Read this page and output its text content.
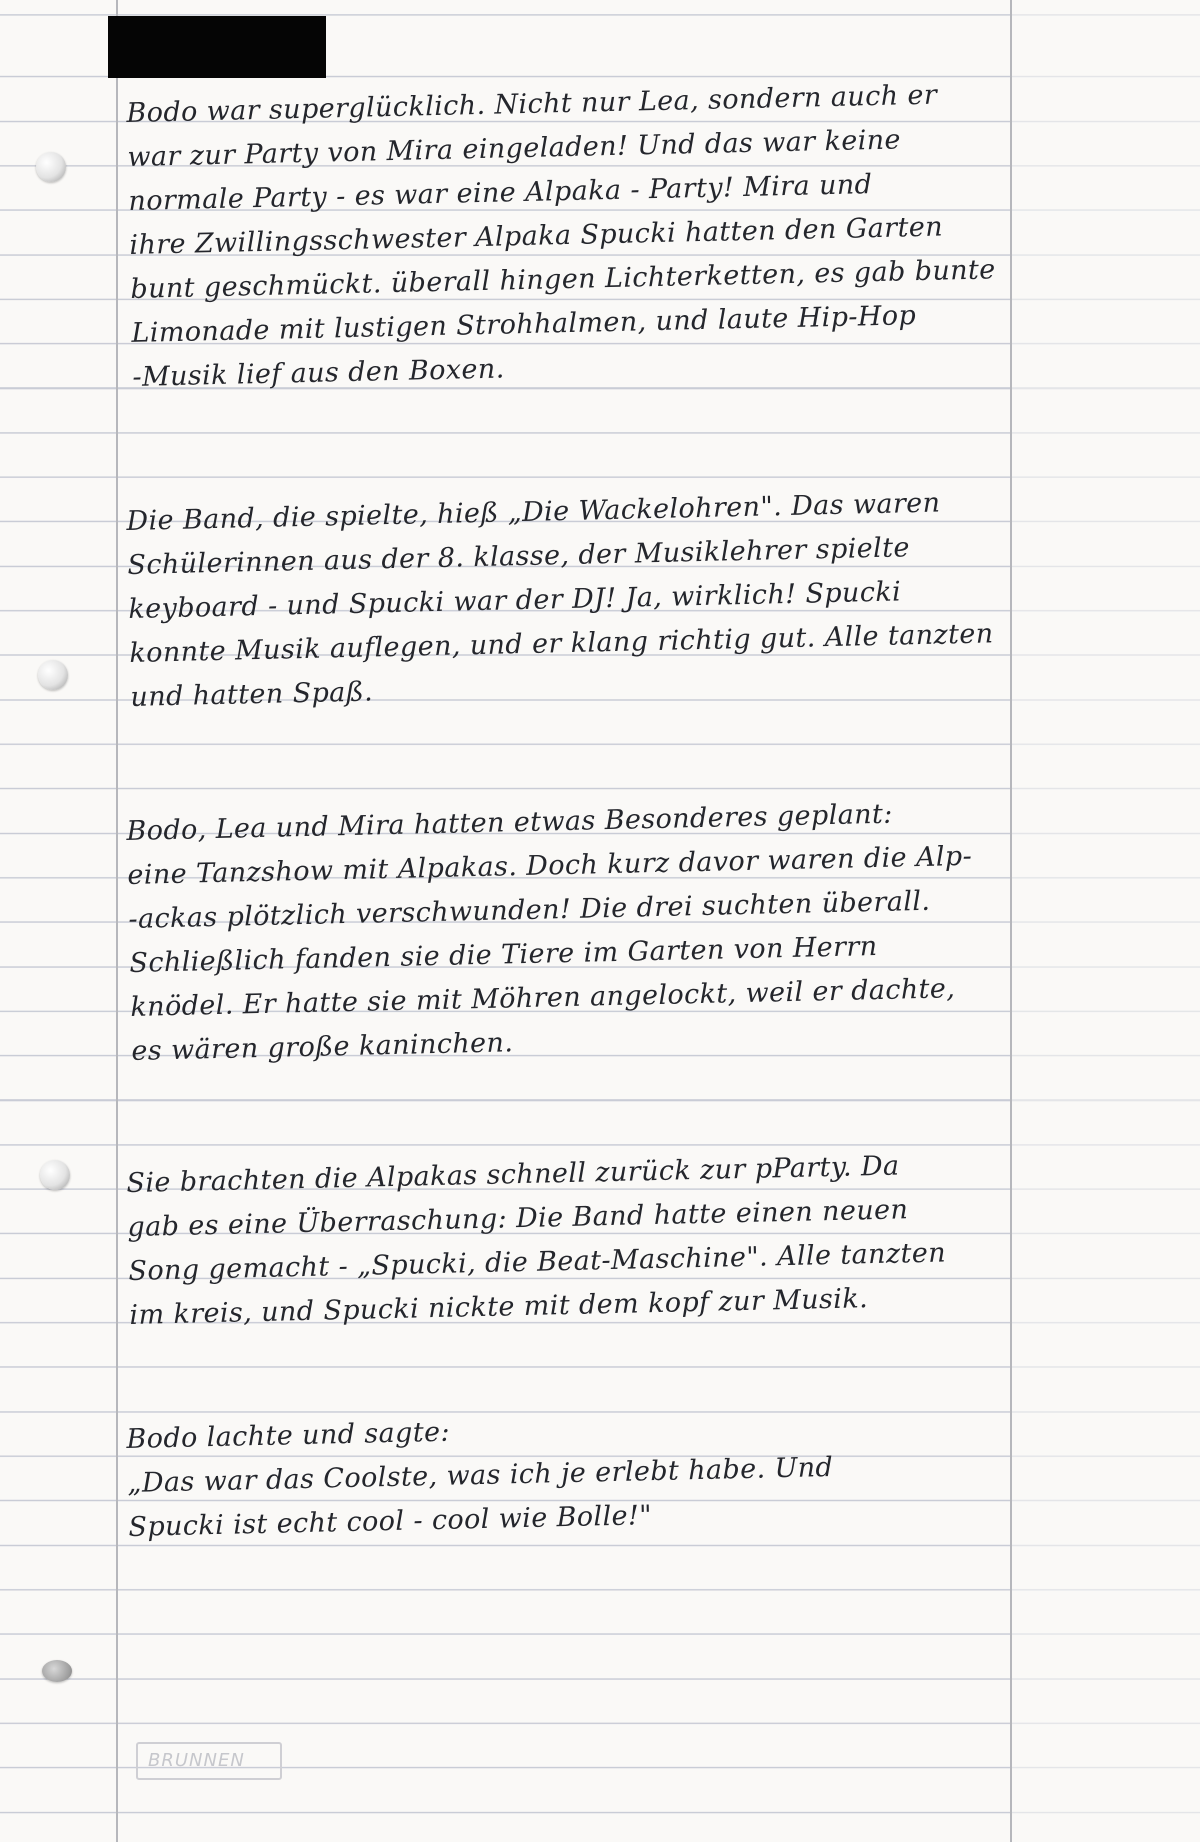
Bodo war superglücklich. Nicht nur Lea, sondern auch er
war zur Party von Mira eingeladen! Und das war keine
normale Party - es war eine Alpaka - Party! Mira und
ihre Zwillingsschwester Alpaka Spucki hatten den Garten
bunt geschmückt. überall hingen Lichterketten, es gab bunte
Limonade mit lustigen Strohhalmen, und laute Hip-Hop
-Musik lief aus den Boxen.
Die Band, die spielte, hieß „Die Wackelohren". Das waren
Schülerinnen aus der 8. klasse, der Musiklehrer spielte
keyboard - und Spucki war der DJ! Ja, wirklich! Spucki
konnte Musik auflegen, und er klang richtig gut. Alle tanzten
und hatten Spaß.
Bodo, Lea und Mira hatten etwas Besonderes geplant:
eine Tanzshow mit Alpakas. Doch kurz davor waren die Alp-
-ackas plötzlich verschwunden! Die drei suchten überall.
Schließlich fanden sie die Tiere im Garten von Herrn
knödel. Er hatte sie mit Möhren angelockt, weil er dachte,
es wären große kaninchen.
Sie brachten die Alpakas schnell zurück zur pParty. Da
gab es eine Überraschung: Die Band hatte einen neuen
Song gemacht - „Spucki, die Beat-Maschine". Alle tanzten
im kreis, und Spucki nickte mit dem kopf zur Musik.
Bodo lachte und sagte:
„Das war das Coolste, was ich je erlebt habe. Und
Spucki ist echt cool - cool wie Bolle!"
BRUNNEN
